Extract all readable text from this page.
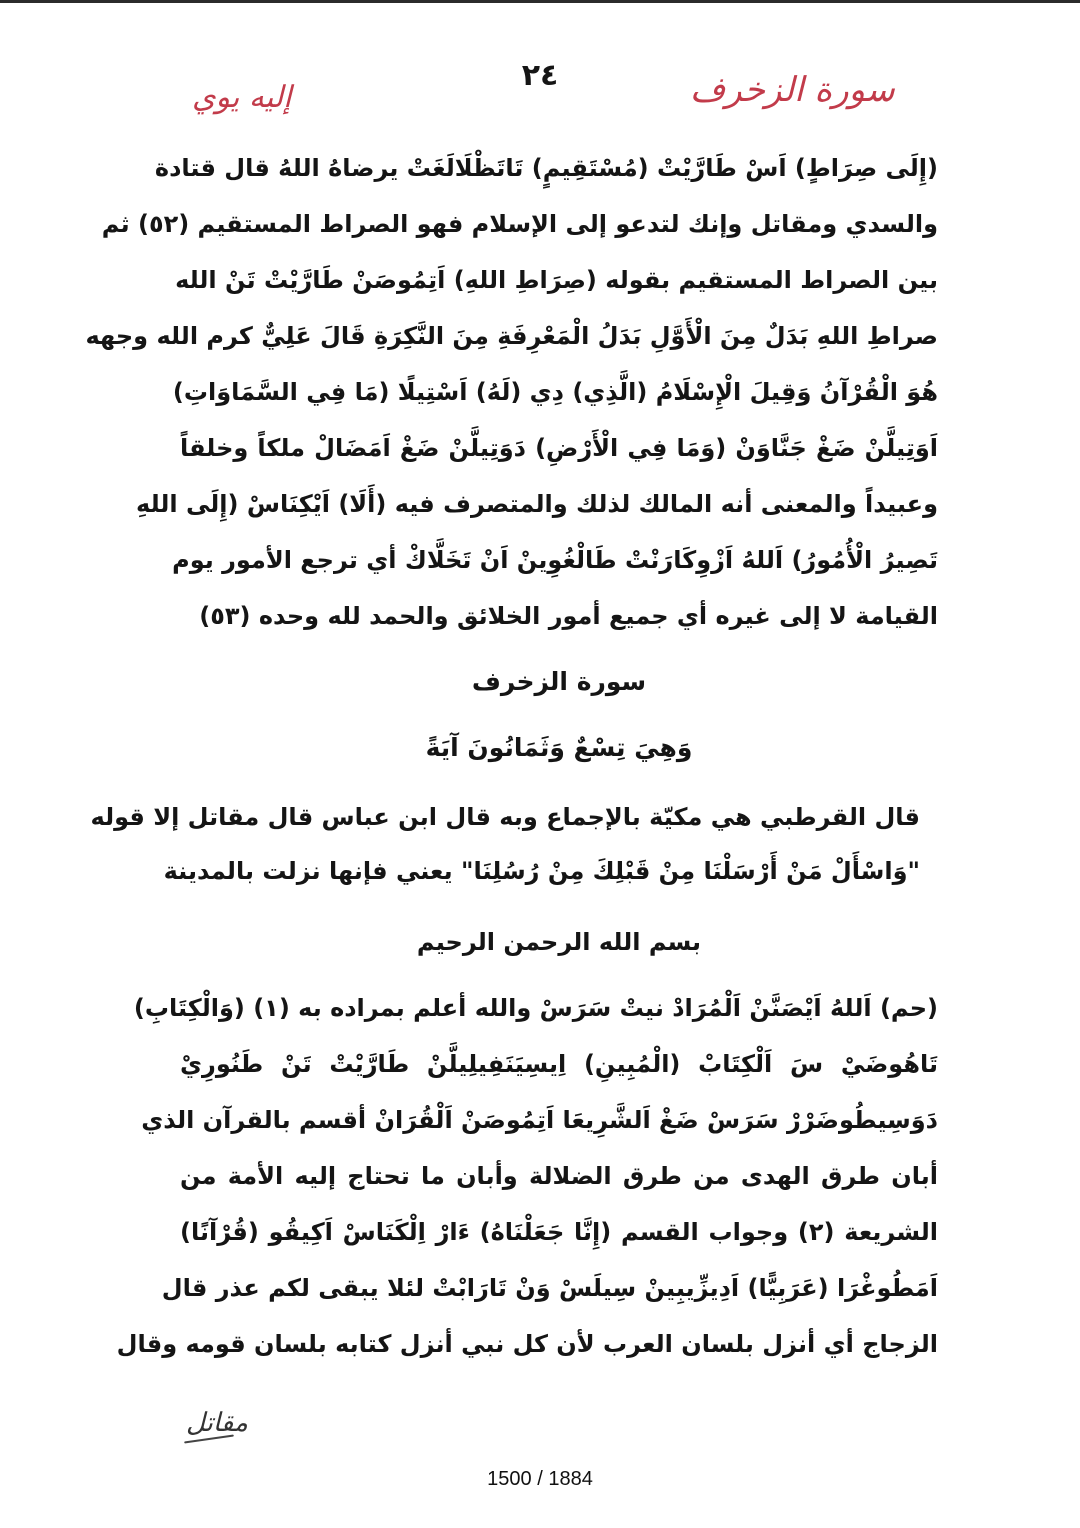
٢٤	سورة الزخرف
إليه يوي
(إِلَى صِرَاطٍ) اَسْ طَارَّيْتْ (مُسْتَقِيمٍ) تَاتَظْلَالَغَتْ يرضاهُ اللهُ قال قتادة
والسدي ومقاتل وإنك لتدعو إلى الإسلام فهو الصراط المستقيم (٥٢) ثم
بين الصراط المستقيم بقوله (صِرَاطِ اللهِ) اَتِمُوصَنْ طَارَّيْتْ تَنْ الله
صراطِ اللهِ بَدَلٌ مِنَ الْأَوَّلِ بَدَلُ الْمَعْرِفَةِ مِنَ النَّكِرَةِ قَالَ عَلِيٌّ كرم الله وجهه
هُوَ الْقُرْآنُ وَقِيلَ الْإِسْلَامُ (الَّذِي) دِي (لَهُ) اَسْتِيلًا (مَا فِي السَّمَاوَاتِ)
اَوَتِيلَّنْ ضَغْ جَنَّاوَنْ (وَمَا فِي الْأَرْضِ) دَوَتِيلَّنْ ضَغْ اَمَضَالْ ملكاً وخلقاً
وعبيداً والمعنى أنه المالك لذلك والمتصرف فيه (أَلَا) اَيْكِنَاسْ (إِلَى اللهِ
تَصِيرُ الْأُمُورُ) اَللهُ اَزْوِكَارَنْتْ طَالْغُوِينْ اَنْ تَخَلَّاكْ أي ترجع الأمور يوم
القيامة لا إلى غيره أي جميع أمور الخلائق والحمد لله وحده (٥٣)
سورة الزخرف
وَهِيَ تِسْعٌ وَثَمَانُونَ آيَةً
قال القرطبي هي مكيّة بالإجماع وبه قال ابن عباس قال مقاتل إلا قوله
"وَاسْأَلْ مَنْ أَرْسَلْنَا مِنْ قَبْلِكَ مِنْ رُسُلِنَا" يعني فإنها نزلت بالمدينة
بسم الله الرحمن الرحيم
(حم) اَللهُ اَيْصَنَّنْ اَلْمُرَادْ نيتْ سَرَسْ والله أعلم بمراده به (١) (وَالْكِتَابِ)
تَاهُوضَيْ سَ اَلْكِتَابْ (الْمُبِينِ) اِيسِيَنَفِيلِيلَّنْ طَارَّيْتْ تَنْ طَنُورِيْ
دَوَسِيطُوضَرْرْ سَرَسْ ضَغْ اَلشَّرِيعَا اَتِمُوصَنْ اَلْقُرَانْ أقسم بالقرآن الذي
أبان طرق الهدى من طرق الضلالة وأبان ما تحتاج إليه الأمة من
الشريعة (٢) وجواب القسم (إِنَّا جَعَلْنَاهُ) ءَارْ اِلْكَنَاسْ اَكِيقُو (قُرْآنًا)
اَمَطُوغْرَا (عَرَبِيًّا) اَدِيزِّيبِينْ سِيلَسْ وَنْ تَارَابْتْ لئلا يبقى لكم عذر قال
الزجاج أي أنزل بلسان العرب لأن كل نبي أنزل كتابه بلسان قومه وقال
مقاتل
1500 / 1884
